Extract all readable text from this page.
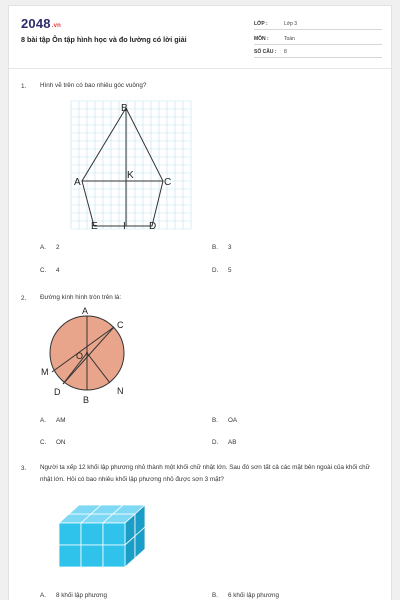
2048.vn
8 bài tập Ôn tập hình học và đo lường có lời giải
LỚP :	Lớp 3
MÔN :	Toán
SỐ CÂU : 8
1. Hình vẽ trên có bao nhiêu góc vuông?
B
K
A	C
E	I D
A. 2	B. 3
C. 4	D. 5
2. Đường kính hình tròn trên là:
A
C
O
M
D	N
B
A. AM	B. OA
C. ON	D. AB
3. Người ta xếp 12 khối lập phương nhỏ thành một khối chữ nhật lớn. Sau đó sơn tất cả các mặt bên ngoài của khối chữ nhật lớn. Hỏi có bao nhiêu khối lập phương nhỏ được sơn 3 mặt?
A. 8 khối lập phương	B. 6 khối lập phương
